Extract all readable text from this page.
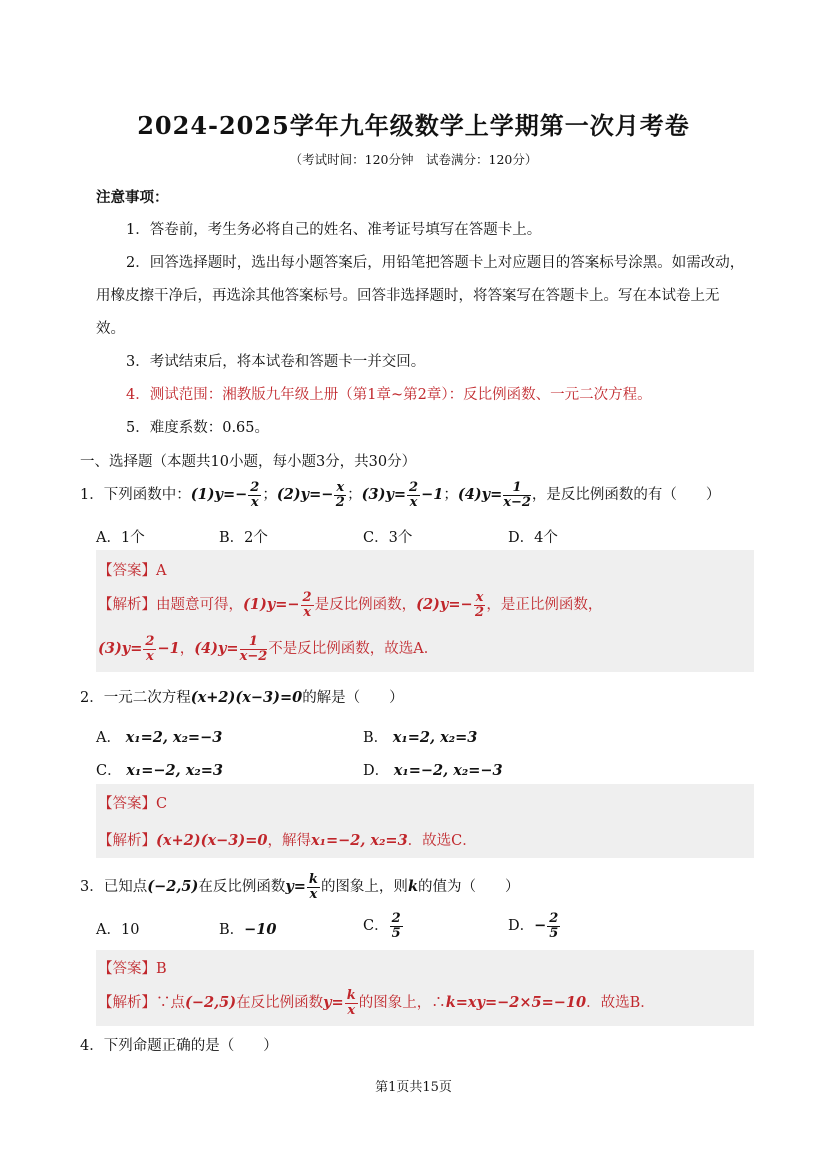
2024-2025学年九年级数学上学期第一次月考卷
（考试时间：120分钟　试卷满分：120分）
注意事项：
1．答卷前，考生务必将自己的姓名、准考证号填写在答题卡上。
2．回答选择题时，选出每小题答案后，用铅笔把答题卡上对应题目的答案标号涂黑。如需改动，
用橡皮擦干净后，再选涂其他答案标号。回答非选择题时，将答案写在答题卡上。写在本试卷上无
效。
3．考试结束后，将本试卷和答题卡一并交回。
4．测试范围：湘教版九年级上册（第1章~第2章）：反比例函数、一元二次方程。
5．难度系数：0.65。
一、选择题（本题共10小题，每小题3分，共30分）
1．下列函数中：$(1)y=- \frac{2}{x}$ ；$(2)y=- \frac{x}{2}$ ；$(3)y= \frac{2}{x} -1$；$(4)y= \frac{1}{x-2}$ ，是反比例函数的有（　　）
A．1个	B．2个	C．3个	D．4个
【答案】A
【解析】由题意可得，$(1)y=- \frac{2}{x}$ 是反比例函数，$(2)y=- \frac{x}{2}$ ，是正比例函数，
$(3)y= \frac{2}{x} -1$，$(4)y= \frac{1}{x-2}$ 不是反比例函数，故选A．
2．一元二次方程(x+2)(x−3)=0的解是（　　）
A． x₁=2, x₂=−3	B． x₁=2, x₂=3
C． x₁=−2, x₂=3	D． x₁=−2, x₂=−3
【答案】C
【解析】(x+2)(x−3)=0，解得x₁=−2, x₂=3．故选C．
3．已知点(−2,5)在反比例函数$y= \frac{k}{x}$ 的图象上，则k的值为（　　）
A．10	B．−10	C． $\frac{2}{5}$	D．− $\frac{2}{5}$
【答案】B
【解析】∵点(−2,5)在反比例函数$y= \frac{k}{x}$ 的图象上，∴k=xy=−2×5=−10．故选B．
4．下列命题正确的是（　　）
第1页共15页
